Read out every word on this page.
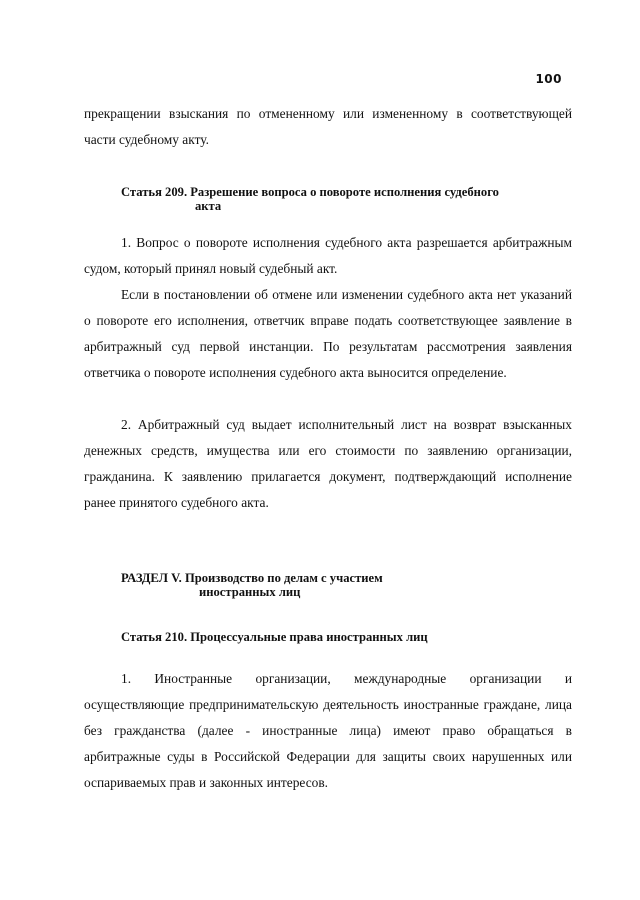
100

прекращении взыскания по отмененному или измененному в соответствующей части судебному акту.

Статья 209. Разрешение вопроса о повороте исполнения судебного
акта

1. Вопрос о повороте исполнения судебного акта разрешается арбитражным судом, который принял новый судебный акт.

Если в постановлении об отмене или изменении судебного акта нет указаний о повороте его исполнения, ответчик вправе подать соответствующее заявление в арбитражный суд первой инстанции. По результатам рассмотрения заявления ответчика о повороте исполнения судебного акта выносится определение.

2. Арбитражный суд выдает исполнительный лист на возврат взысканных денежных средств, имущества или его стоимости по заявлению организации, гражданина. К заявлению прилагается документ, подтверждающий исполнение ранее принятого судебного акта.

РАЗДЕЛ V. Производство по делам с участием
иностранных лиц
Статья 210. Процессуальные права иностранных лиц

1. Иностранные организации, международные организации и осуществляющие предпринимательскую деятельность иностранные граждане, лица без гражданства (далее - иностранные лица) имеют право обращаться в арбитражные суды в Российской Федерации для защиты своих нарушенных или оспариваемых прав и законных интересов.
